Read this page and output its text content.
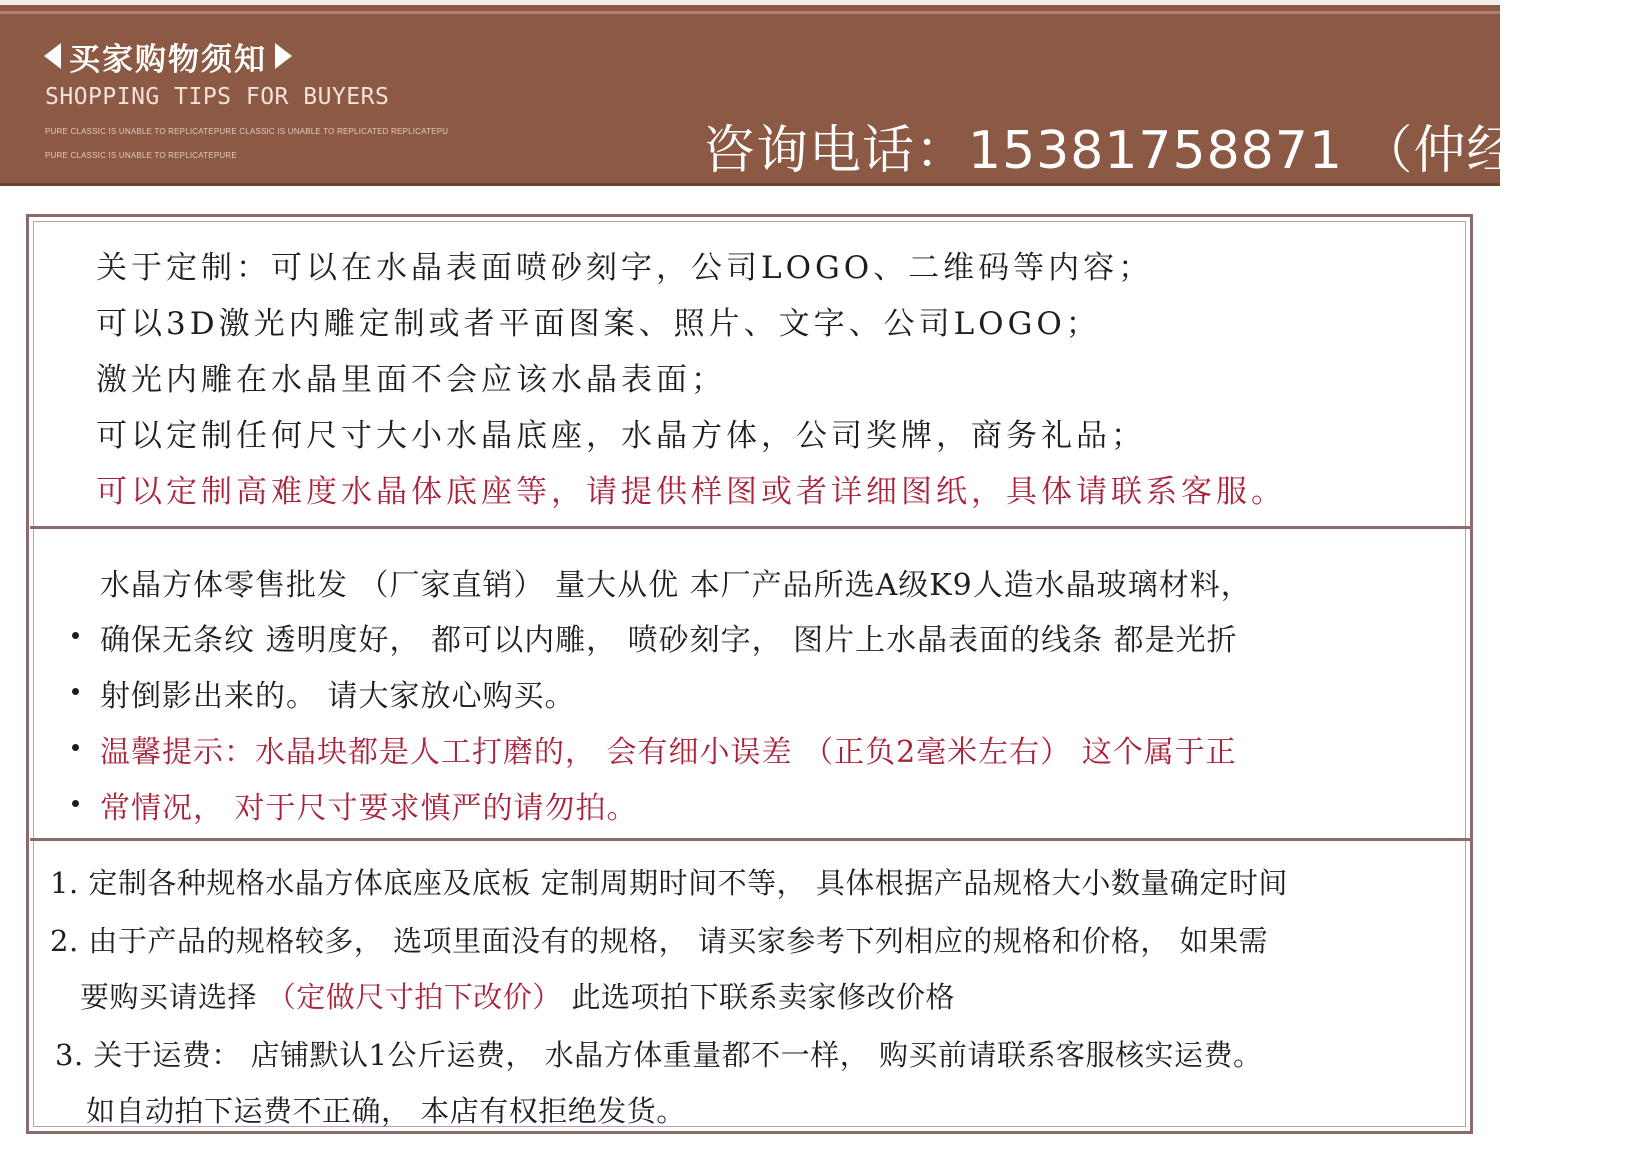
买家购物须知
SHOPPING TIPS FOR BUYERS
PURE CLASSIC IS UNABLE TO REPLICATEPURE CLASSIC IS UNABLE TO REPLICATED REPLICATEPU
PURE CLASSIC IS UNABLE TO REPLICATEPURE	咨询电话：15381758871 （仲经理）
关于定制：可以在水晶表面喷砂刻字，公司LOGO、二维码等内容；
可以3D激光内雕定制或者平面图案、照片、文字、公司LOGO；
激光内雕在水晶里面不会应该水晶表面；
可以定制任何尺寸大小水晶底座，水晶方体，公司奖牌，商务礼品；
可以定制高难度水晶体底座等，请提供样图或者详细图纸，具体请联系客服。
水晶方体零售批发 （厂家直销） 量大从优 本厂产品所选A级K9人造水晶玻璃材料，
确保无条纹 透明度好， 都可以内雕， 喷砂刻字， 图片上水晶表面的线条 都是光折
射倒影出来的。 请大家放心购买。
温馨提示：水晶块都是人工打磨的， 会有细小误差 （正负2毫米左右） 这个属于正
常情况， 对于尺寸要求慎严的请勿拍。
1. 定制各种规格水晶方体底座及底板 定制周期时间不等， 具体根据产品规格大小数量确定时间
2. 由于产品的规格较多， 选项里面没有的规格， 请买家参考下列相应的规格和价格， 如果需
要购买请选择 （定做尺寸拍下改价） 此选项拍下联系卖家修改价格
3. 关于运费： 店铺默认1公斤运费， 水晶方体重量都不一样， 购买前请联系客服核实运费。
如自动拍下运费不正确， 本店有权拒绝发货。
